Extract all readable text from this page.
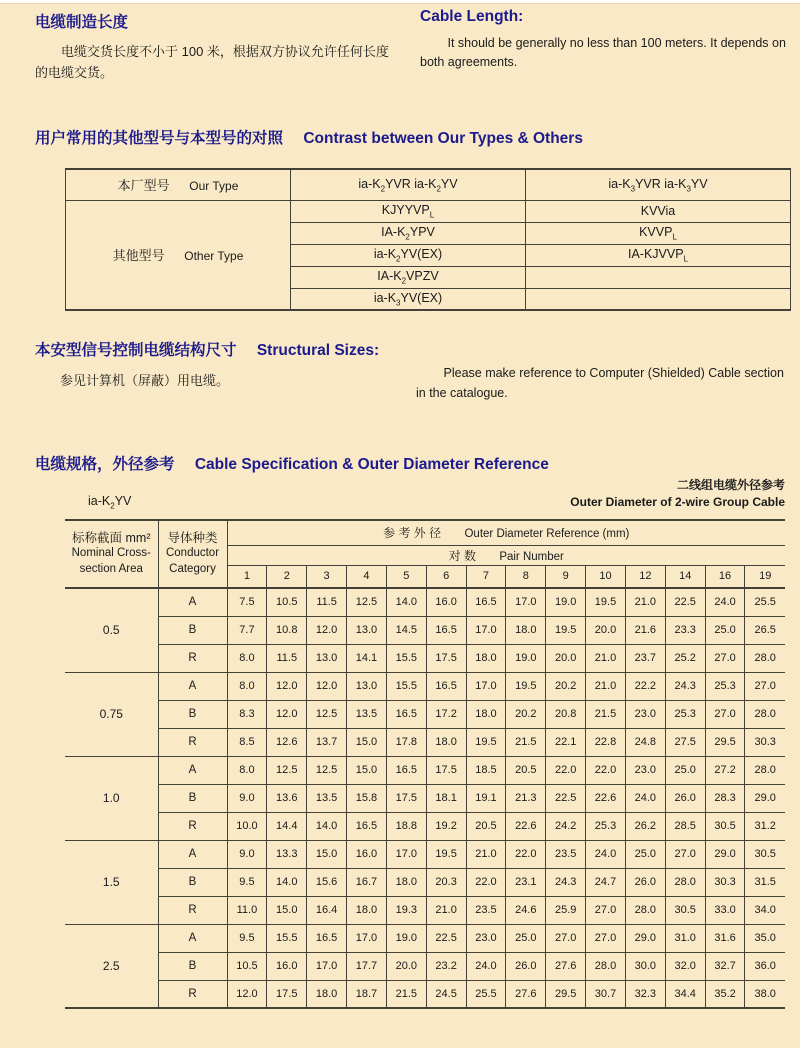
电缆制造长度

电缆交货长度不小于 100 米，根据双方协议允许任何长度的电缆交货。

Cable Length:

It should be generally no less than 100 meters. It depends on both agreements.

用户常用的其他型号与本型号的对照 Contrast between Our Types & Others
本厂型号 Our Type	$ia-K_2YVR$ $ia-K_2YV$	$ia-K_3YVR$ $ia-K_3YV$
其他型号 Other Type	$KJYYVP_L$	KVVia
	$IA-K_2YPV$	$KVVP_L$
	$ia-K_2YV(EX)$	$IA-KJVVP_L$
	$IA-K_2VPZV$	
	$ia-K_3YV(EX)$	
本安型信号控制电缆结构尺寸 Structural Sizes:

参见计算机（屏蔽）用电缆。	Please make reference to Computer (Shielded) Cable section in the catalogue.

电缆规格，外径参考 Cable Specification & Outer Diameter Reference
$ia-K_2YV$
二线组电缆外径参考
Outer Diameter of 2-wire Group Cable
标称截面 mm²
Nominal Cross-
section Area

导体种类
Conductor
Category
	参 考 外 径 Outer Diameter Reference (mm)
		对 数 Pair Number													
		1	2	3	4	5	6	7	8	9	10	12	14	16	19
0.5	A	7.5	10.5	11.5	12.5	14.0	16.0	16.5	17.0	19.0	19.5	21.0	22.5	24.0	25.5
	B	7.7	10.8	12.0	13.0	14.5	16.5	17.0	18.0	19.5	20.0	21.6	23.3	25.0	26.5
	R	8.0	11.5	13.0	14.1	15.5	17.5	18.0	19.0	20.0	21.0	23.7	25.2	27.0	28.0
0.75	A	8.0	12.0	12.0	13.0	15.5	16.5	17.0	19.5	20.2	21.0	22.2	24.3	25.3	27.0
	B	8.3	12.0	12.5	13.5	16.5	17.2	18.0	20.2	20.8	21.5	23.0	25.3	27.0	28.0
	R	8.5	12.6	13.7	15.0	17.8	18.0	19.5	21.5	22.1	22.8	24.8	27.5	29.5	30.3
1.0	A	8.0	12.5	12.5	15.0	16.5	17.5	18.5	20.5	22.0	22.0	23.0	25.0	27.2	28.0
	B	9.0	13.6	13.5	15.8	17.5	18.1	19.1	21.3	22.5	22.6	24.0	26.0	28.3	29.0
	R	10.0	14.4	14.0	16.5	18.8	19.2	20.5	22.6	24.2	25.3	26.2	28.5	30.5	31.2
1.5	A	9.0	13.3	15.0	16.0	17.0	19.5	21.0	22.0	23.5	24.0	25.0	27.0	29.0	30.5
	B	9.5	14.0	15.6	16.7	18.0	20.3	22.0	23.1	24.3	24.7	26.0	28.0	30.3	31.5
	R	11.0	15.0	16.4	18.0	19.3	21.0	23.5	24.6	25.9	27.0	28.0	30.5	33.0	34.0
2.5	A	9.5	15.5	16.5	17.0	19.0	22.5	23.0	25.0	27.0	27.0	29.0	31.0	31.6	35.0
	B	10.5	16.0	17.0	17.7	20.0	23.2	24.0	26.0	27.6	28.0	30.0	32.0	32.7	36.0
	R	12.0	17.5	18.0	18.7	21.5	24.5	25.5	27.6	29.5	30.7	32.3	34.4	35.2	38.0
